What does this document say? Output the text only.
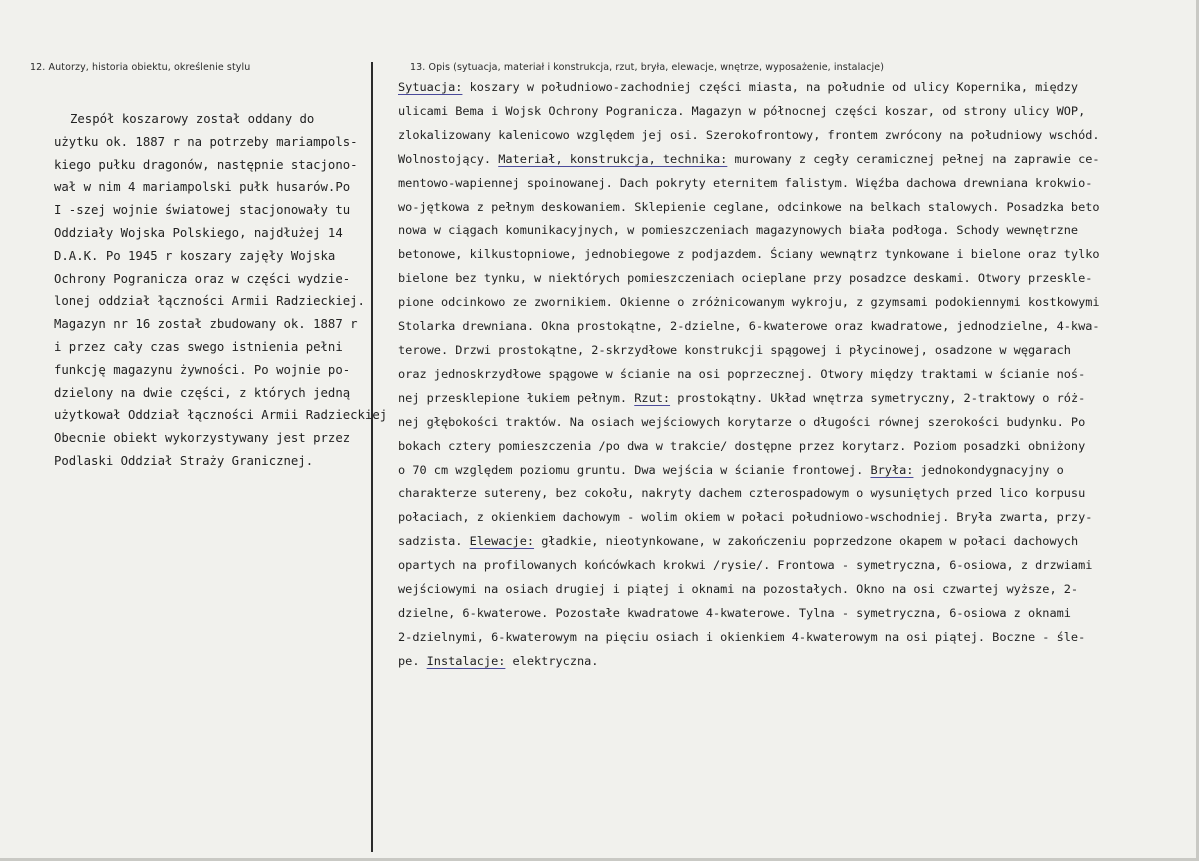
12. Autorzy, historia obiektu, określenie stylu	13. Opis (sytuacja, materiał i konstrukcja, rzut, bryła, elewacje, wnętrze, wyposażenie, instalacje)
Zespół koszarowy został oddany do
użytku ok. 1887 r na potrzeby mariampols-
kiego pułku dragonów, następnie stacjono-
wał w nim 4 mariampolski pułk husarów.Po
I -szej wojnie światowej stacjonowały tu
Oddziały Wojska Polskiego, najdłużej 14
D.A.K. Po 1945 r koszary zajęły Wojska
Ochrony Pogranicza oraz w części wydzie-
lonej oddział łączności Armii Radzieckiej.
Magazyn nr 16 został zbudowany ok. 1887 r
i przez cały czas swego istnienia pełni
funkcję magazynu żywności. Po wojnie po-
dzielony na dwie części, z których jedną
użytkował Oddział łączności Armii Radzieckiej
Obecnie obiekt wykorzystywany jest przez
Podlaski Oddział Straży Granicznej.
Sytuacja: koszary w południowo-zachodniej części miasta, na południe od ulicy Kopernika, między
ulicami Bema i Wojsk Ochrony Pogranicza. Magazyn w północnej części koszar, od strony ulicy WOP,
zlokalizowany kalenicowo względem jej osi. Szerokofrontowy, frontem zwrócony na południowy wschód.
Wolnostojący. Materiał, konstrukcja, technika: murowany z cegły ceramicznej pełnej na zaprawie ce-
mentowo-wapiennej spoinowanej. Dach pokryty eternitem falistym. Więźba dachowa drewniana krokwio-
wo-jętkowa z pełnym deskowaniem. Sklepienie ceglane, odcinkowe na belkach stalowych. Posadzka beto
nowa w ciągach komunikacyjnych, w pomieszczeniach magazynowych biała podłoga. Schody wewnętrzne
betonowe, kilkustopniowe, jednobiegowe z podjazdem. Ściany wewnątrz tynkowane i bielone oraz tylko
bielone bez tynku, w niektórych pomieszczeniach ocieplane przy posadzce deskami. Otwory przesklе-
pione odcinkowo ze zwornikiem. Okienne o zróżnicowanym wykroju, z gzymsami podokiennymi kostkowymi
Stolarka drewniana. Okna prostokątne, 2-dzielne, 6-kwaterowe oraz kwadratowe, jednodzielne, 4-kwa-
terowe. Drzwi prostokątne, 2-skrzydłowe konstrukcji spągowej i płycinowej, osadzone w węgarach
oraz jednoskrzydłowe spągowe w ścianie na osi poprzecznej. Otwory między traktami w ścianie noś-
nej przesklepione łukiem pełnym. Rzut: prostokątny. Układ wnętrza symetryczny, 2-traktowy o róż-
nej głębokości traktów. Na osiach wejściowych korytarze o długości równej szerokości budynku. Po
bokach cztery pomieszczenia /po dwa w trakcie/ dostępne przez korytarz. Poziom posadzki obniżony
o 70 cm względem poziomu gruntu. Dwa wejścia w ścianie frontowej. Bryła: jednokondygnacyjny o
charakterze sutereny, bez cokołu, nakryty dachem czterospadowym o wysuniętych przed lico korpusu
połaciach, z okienkiem dachowym - wolim okiem w połaci południowo-wschodniej. Bryła zwarta, przy-
sadzista. Elewacje: gładkie, nieotynkowane, w zakończeniu poprzedzone okapem w połaci dachowych
opartych na profilowanych końcówkach krokwi /rysie/. Frontowa - symetryczna, 6-osiowa, z drzwiami
wejściowymi na osiach drugiej i piątej i oknami na pozostałych. Okno na osi czwartej wyższe, 2-
dzielne, 6-kwaterowe. Pozostałe kwadratowe 4-kwaterowe. Tylna - symetryczna, 6-osiowa z oknami
2-dzielnymi, 6-kwaterowym na pięciu osiach i okienkiem 4-kwaterowym na osi piątej. Boczne - śle-
pe. Instalacje: elektryczna.
